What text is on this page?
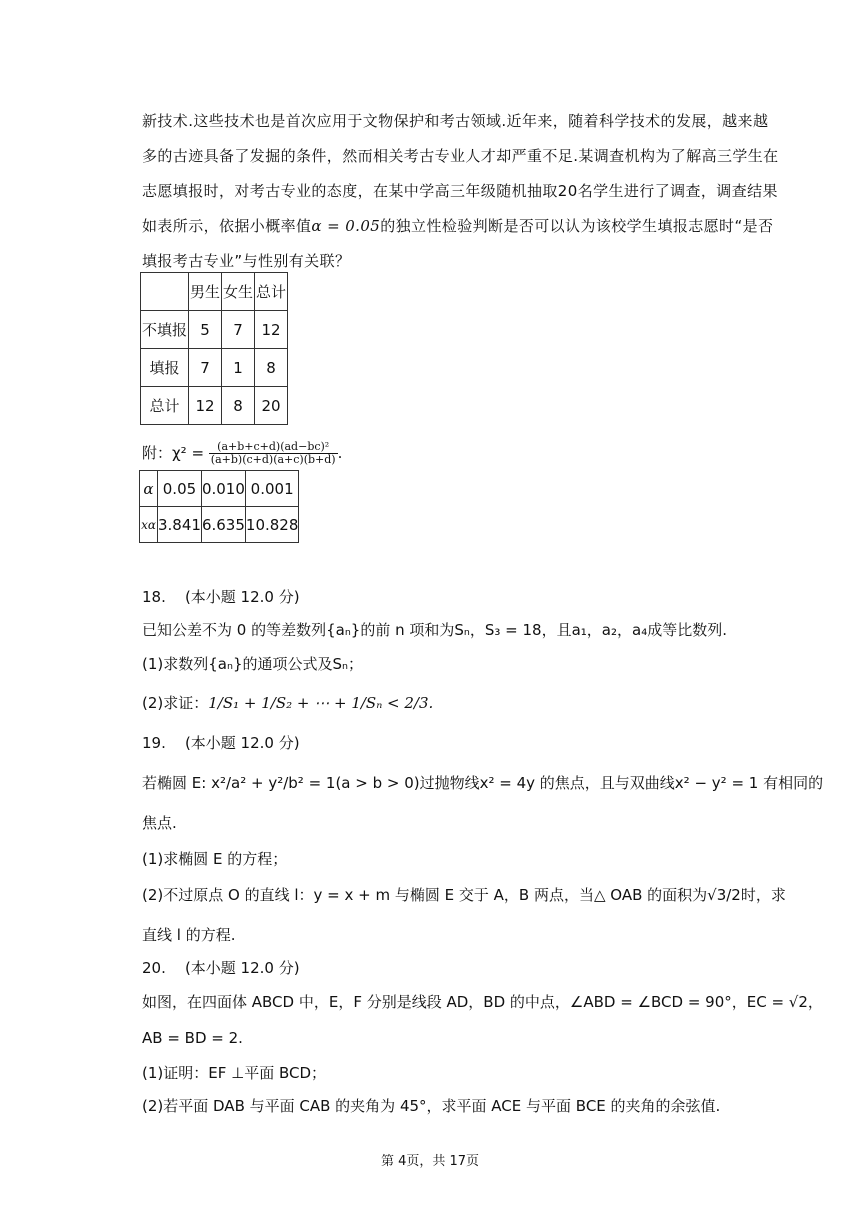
新技术.这些技术也是首次应用于文物保护和考古领域.近年来，随着科学技术的发展，越来越多的古迹具备了发掘的条件，然而相关考古专业人才却严重不足.某调查机构为了解高三学生在志愿填报时，对考古专业的态度，在某中学高三年级随机抽取20名学生进行了调查，调查结果如表所示，依据小概率值α = 0.05的独立性检验判断是否可以认为该校学生填报志愿时“是否填报考古专业”与性别有关联？

	男生	女生	总计
不填报	5	7	12
填报	7	1	8
总计	12	8	20
附：$\chi^2 = \frac{\text{(a+b+c+d)(ad−bc)²}}{(a+b)(c+d)(a+c)(b+d)}$ .
α	0.05	0.010	0.001
xα	3.841	6.635	10.828
18. (本小题 12.0 分)
已知公差不为 0 的等差数列{aₙ}的前 n 项和为Sₙ，S₃ = 18，且a₁，a₂，a₄成等比数列.
(1)求数列{aₙ}的通项公式及Sₙ；
(2)求证：1/S₁ + 1/S₂ + ⋯ + 1/Sₙ < 2/3.
19. (本小题 12.0 分)
若椭圆 E: x²/a² + y²/b² = 1(a > b > 0)过抛物线x² = 4y 的焦点，且与双曲线x² − y² = 1 有相同的
焦点.
(1)求椭圆 E 的方程；
(2)不过原点 O 的直线 l：y = x + m 与椭圆 E 交于 A，B 两点，当△ OAB 的面积为√3/2时，求
直线 l 的方程.
20. (本小题 12.0 分)
如图，在四面体 ABCD 中，E，F 分别是线段 AD，BD 的中点，∠ABD = ∠BCD = 90°，EC = √2，
AB = BD = 2.
(1)证明：EF ⊥平面 BCD；
(2)若平面 DAB 与平面 CAB 的夹角为 45°，求平面 ACE 与平面 BCE 的夹角的余弦值.
第 4页，共 17页
